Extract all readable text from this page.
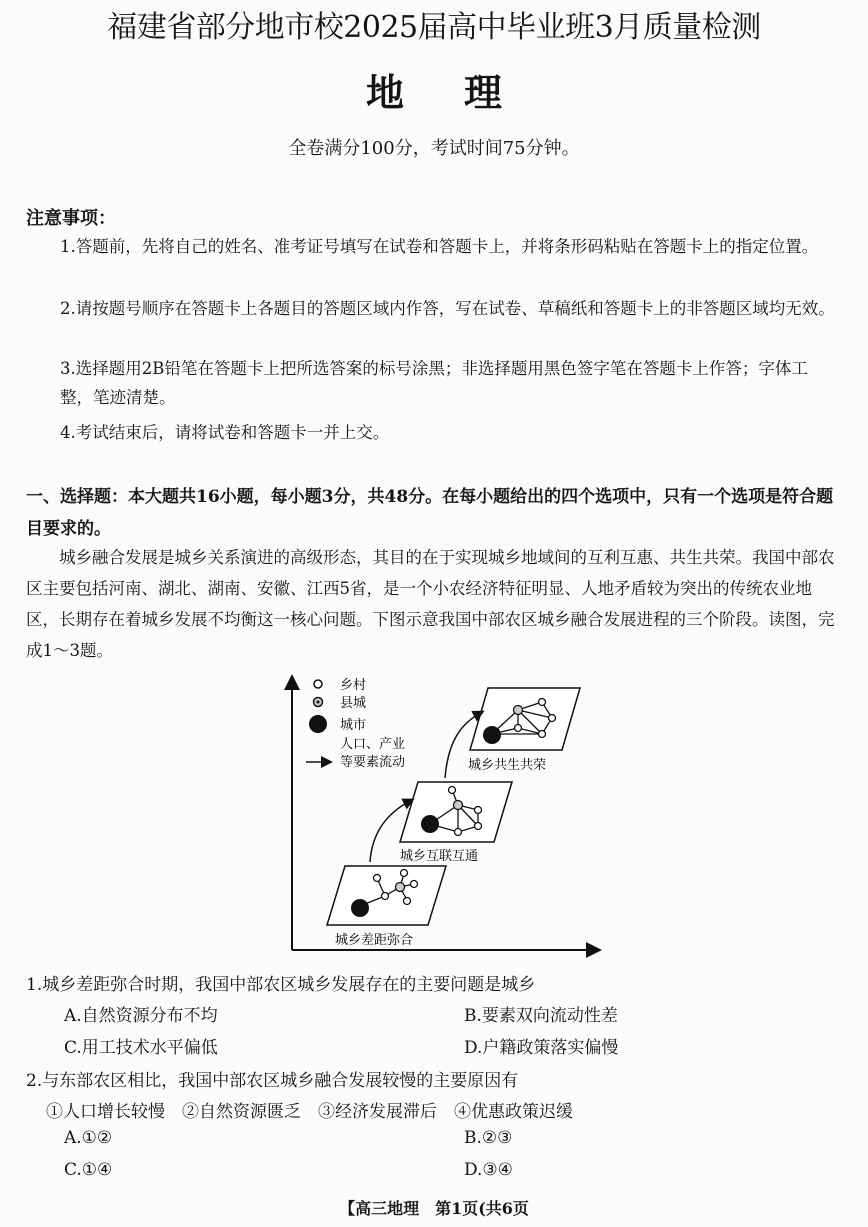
福建省部分地市校2025届高中毕业班3月质量检测
地理
全卷满分100分，考试时间75分钟。
注意事项：
1.答题前，先将自己的姓名、准考证号填写在试卷和答题卡上，并将条形码粘贴在答题卡上的指定位置。
2.请按题号顺序在答题卡上各题目的答题区域内作答，写在试卷、草稿纸和答题卡上的非答题区域均无效。
3.选择题用2B铅笔在答题卡上把所选答案的标号涂黑；非选择题用黑色签字笔在答题卡上作答；字体工整，笔迹清楚。
4.考试结束后，请将试卷和答题卡一并上交。
一、选择题：本大题共16小题，每小题3分，共48分。在每小题给出的四个选项中，只有一个选项是符合题目要求的。
城乡融合发展是城乡关系演进的高级形态，其目的在于实现城乡地域间的互利互惠、共生共荣。我国中部农区主要包括河南、湖北、湖南、安徽、江西5省，是一个小农经济特征明显、人地矛盾较为突出的传统农业地区，长期存在着城乡发展不均衡这一核心问题。下图示意我国中部农区城乡融合发展进程的三个阶段。读图，完成1～3题。
乡村
县城
城市
人口、产业
等要素流动
城乡差距弥合
城乡互联互通
城乡共生共荣
1.城乡差距弥合时期，我国中部农区城乡发展存在的主要问题是城乡
A.自然资源分布不均	B.要素双向流动性差
C.用工技术水平偏低	D.户籍政策落实偏慢
2.与东部农区相比，我国中部农区城乡融合发展较慢的主要原因有
①人口增长较慢　②自然资源匮乏　③经济发展滞后　④优惠政策迟缓
A.①②	B.②③
C.①④	D.③④
【高三地理　第1页(共6页
